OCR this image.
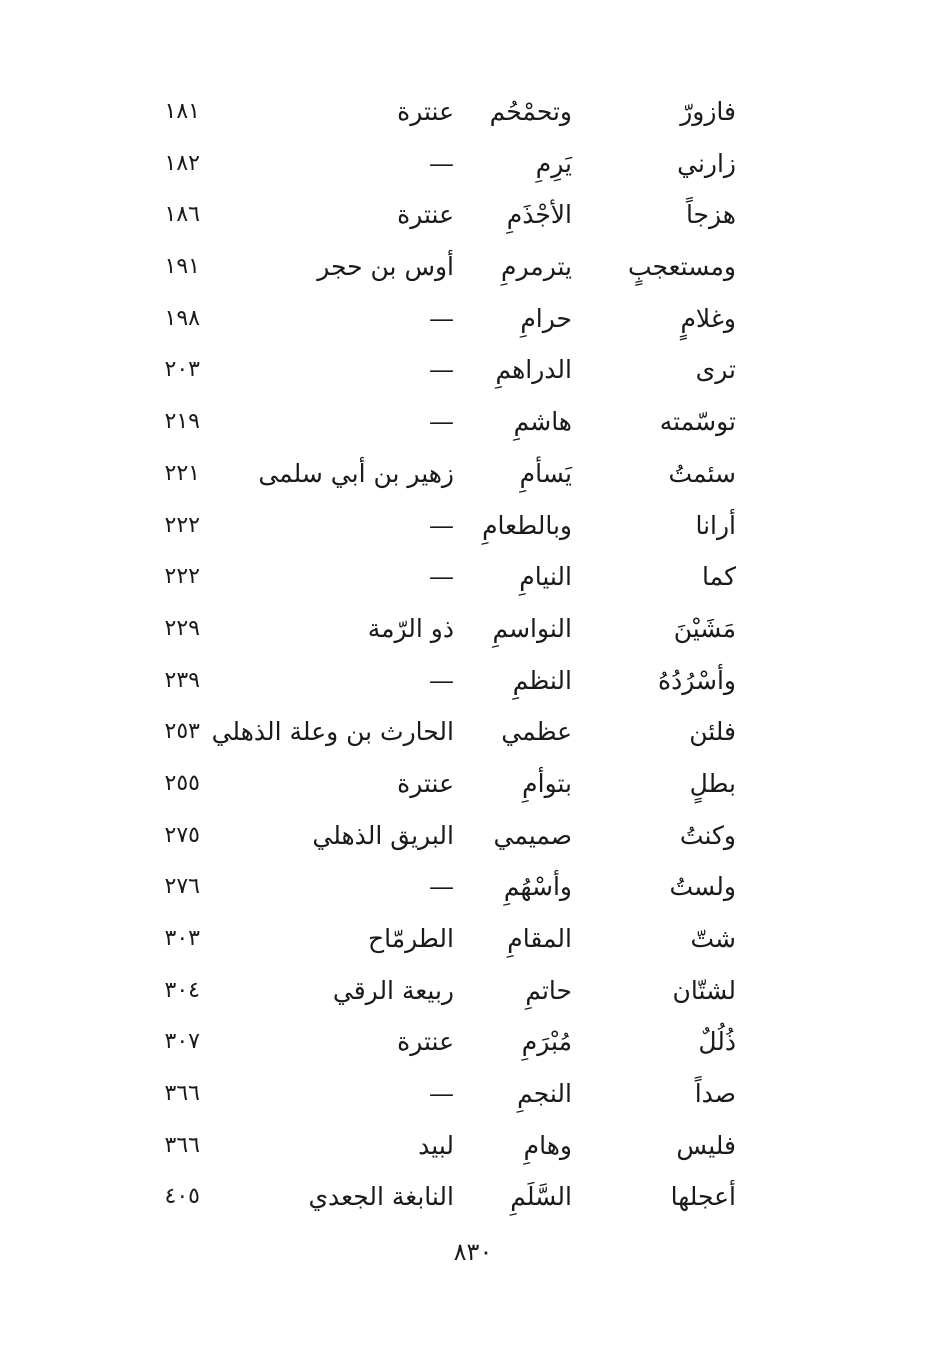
فازورّ
وتحمْحُم
عنترة
١٨١
زارني
يَرِمِ
—
١٨٢
هزجاً
الأجْذَمِ
عنترة
١٨٦
ومستعجبٍ
يترمرمِ
أوس بن حجر
١٩١
وغلامٍ
حرامِ
—
١٩٨
ترى
الدراهمِ
—
٢٠٣
توسّمته
هاشمِ
—
٢١٩
سئمتُ
يَسأمِ
زهير بن أبي سلمى
٢٢١
أرانا
وبالطعامِ
—
٢٢٢
كما
النيامِ
—
٢٢٢
مَشَيْنَ
النواسمِ
ذو الرّمة
٢٢٩
وأسْرُدُهُ
النظمِ
—
٢٣٩
فلئن
عظمي
الحارث بن وعلة الذهلي
٢٥٣
بطلٍ
بتوأمِ
عنترة
٢٥٥
وكنتُ
صميمي
البريق الذهلي
٢٧٥
ولستُ
وأسْهُمِ
—
٢٧٦
شتّ
المقامِ
الطرمّاح
٣٠٣
لشتّان
حاتمِ
ربيعة الرقي
٣٠٤
ذُلُلٌ
مُبْرَمِ
عنترة
٣٠٧
صداً
النجمِ
—
٣٦٦
فليس
وهامِ
لبيد
٣٦٦
أعجلها
السَّلَمِ
النابغة الجعدي
٤٠٥
٨٣٠
